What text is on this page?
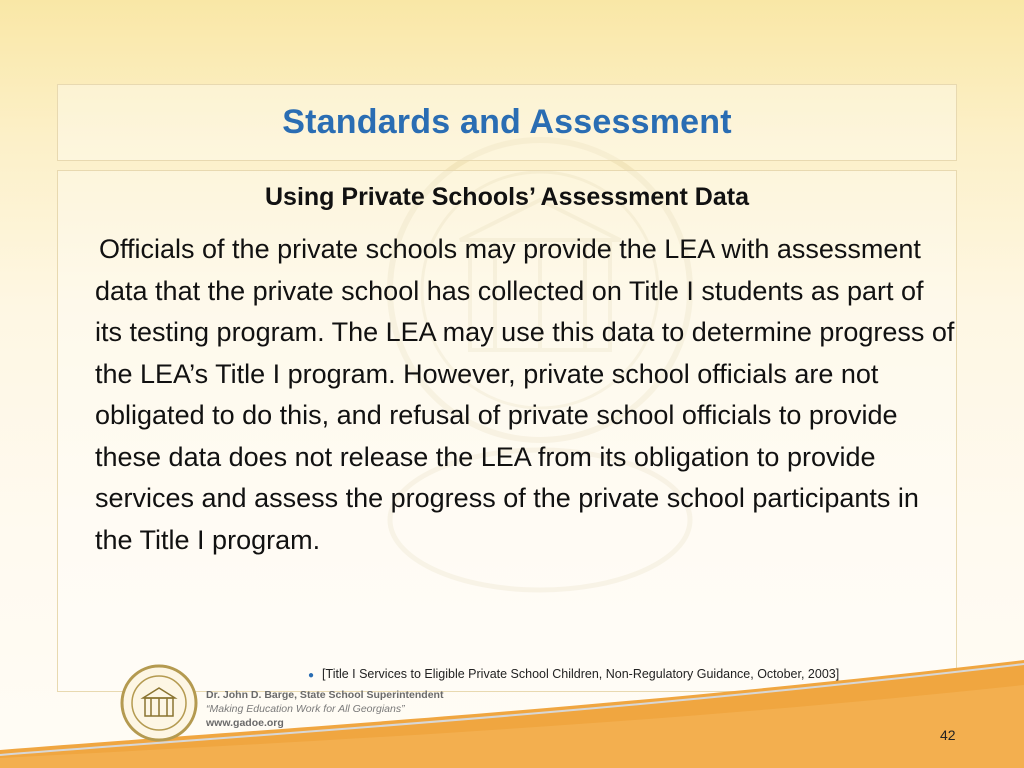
Standards and Assessment
Using Private Schools’ Assessment Data
Officials of the private schools may provide the LEA with assessment data that the private school has collected on Title I students as part of its testing program. The LEA may use this data to determine progress of the LEA’s Title I program. However, private school officials are not obligated to do this, and refusal of private school officials to provide these data does not release the LEA from its obligation to provide services and assess the progress of the private school participants in the Title I program.
● [Title I Services to Eligible Private School Children, Non-Regulatory Guidance, October, 2003]
Dr. John D. Barge, State School Superintendent
“Making Education Work for All Georgians”
www.gadoe.org
42
